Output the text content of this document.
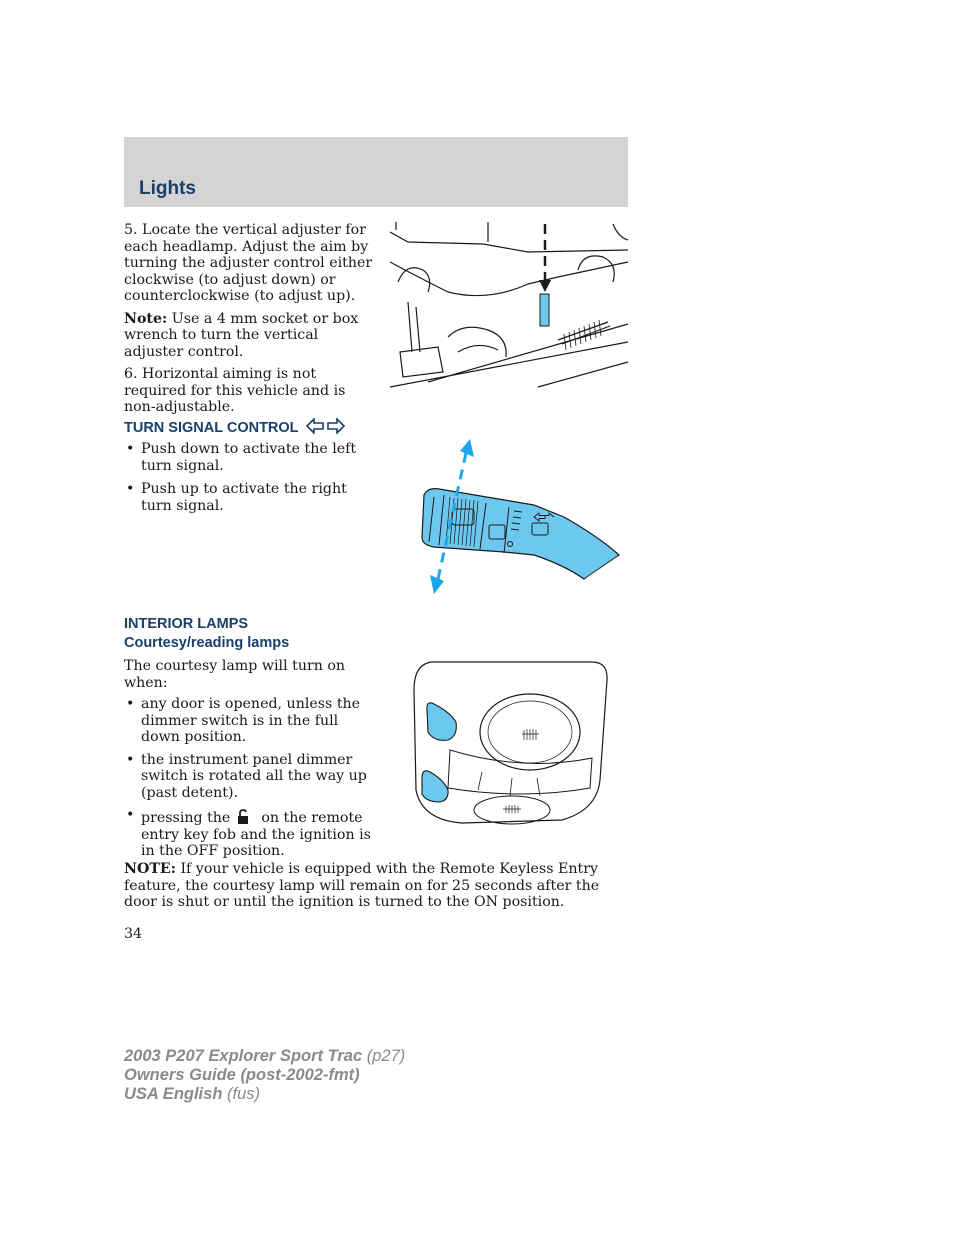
Lights

5. Locate the vertical adjuster for each headlamp. Adjust the aim by turning the adjuster control either clockwise (to adjust down) or counterclockwise (to adjust up).

Note: Use a 4 mm socket or box wrench to turn the vertical adjuster control.

6. Horizontal aiming is not required for this vehicle and is non-adjustable.

TURN SIGNAL CONTROL
• Push down to activate the left turn signal.
• Push up to activate the right turn signal.
INTERIOR LAMPS
Courtesy/reading lamps

The courtesy lamp will turn on when:

• any door is opened, unless the dimmer switch is in the full down position.
• the instrument panel dimmer switch is rotated all the way up (past detent).
• pressing the on the remote entry key fob and the ignition is in the OFF position.

NOTE: If your vehicle is equipped with the Remote Keyless Entry feature, the courtesy lamp will remain on for 25 seconds after the door is shut or until the ignition is turned to the ON position.

34
2003 P207 Explorer Sport Trac (p27)
Owners Guide (post-2002-fmt)
USA English (fus)
